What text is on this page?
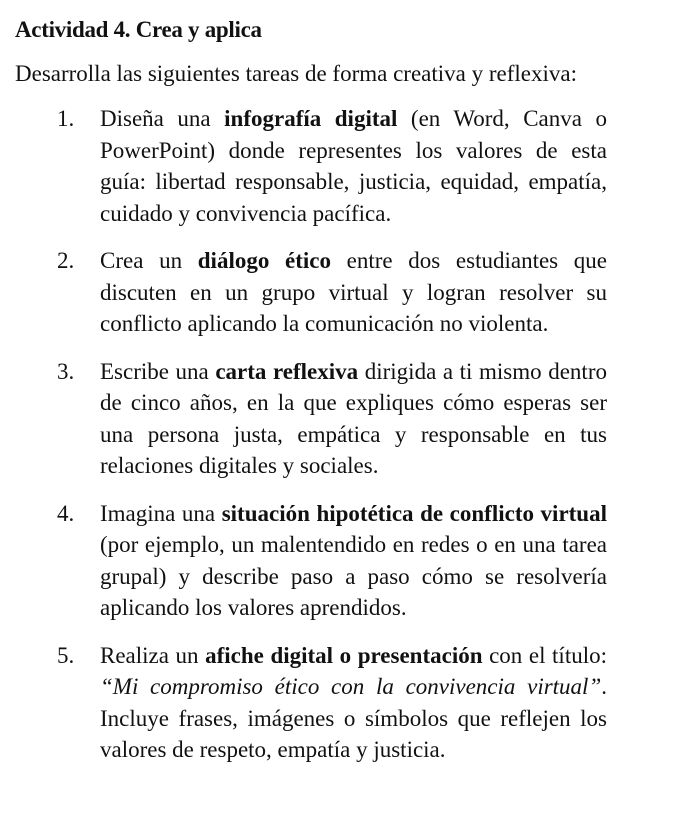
Actividad 4. Crea y aplica
Desarrolla las siguientes tareas de forma creativa y reflexiva:
1. Diseña una infografía digital (en Word, Canva o PowerPoint) donde representes los valores de esta guía: libertad responsable, justicia, equidad, empatía, cuidado y convivencia pacífica.
2. Crea un diálogo ético entre dos estudiantes que discuten en un grupo virtual y logran resolver su conflicto aplicando la comunicación no violenta.
3. Escribe una carta reflexiva dirigida a ti mismo dentro de cinco años, en la que expliques cómo esperas ser una persona justa, empática y responsable en tus relaciones digitales y sociales.
4. Imagina una situación hipotética de conflicto virtual (por ejemplo, un malentendido en redes o en una tarea grupal) y describe paso a paso cómo se resolvería aplicando los valores aprendidos.
5. Realiza un afiche digital o presentación con el título: “Mi compromiso ético con la convivencia virtual”. Incluye frases, imágenes o símbolos que reflejen los valores de respeto, empatía y justicia.
